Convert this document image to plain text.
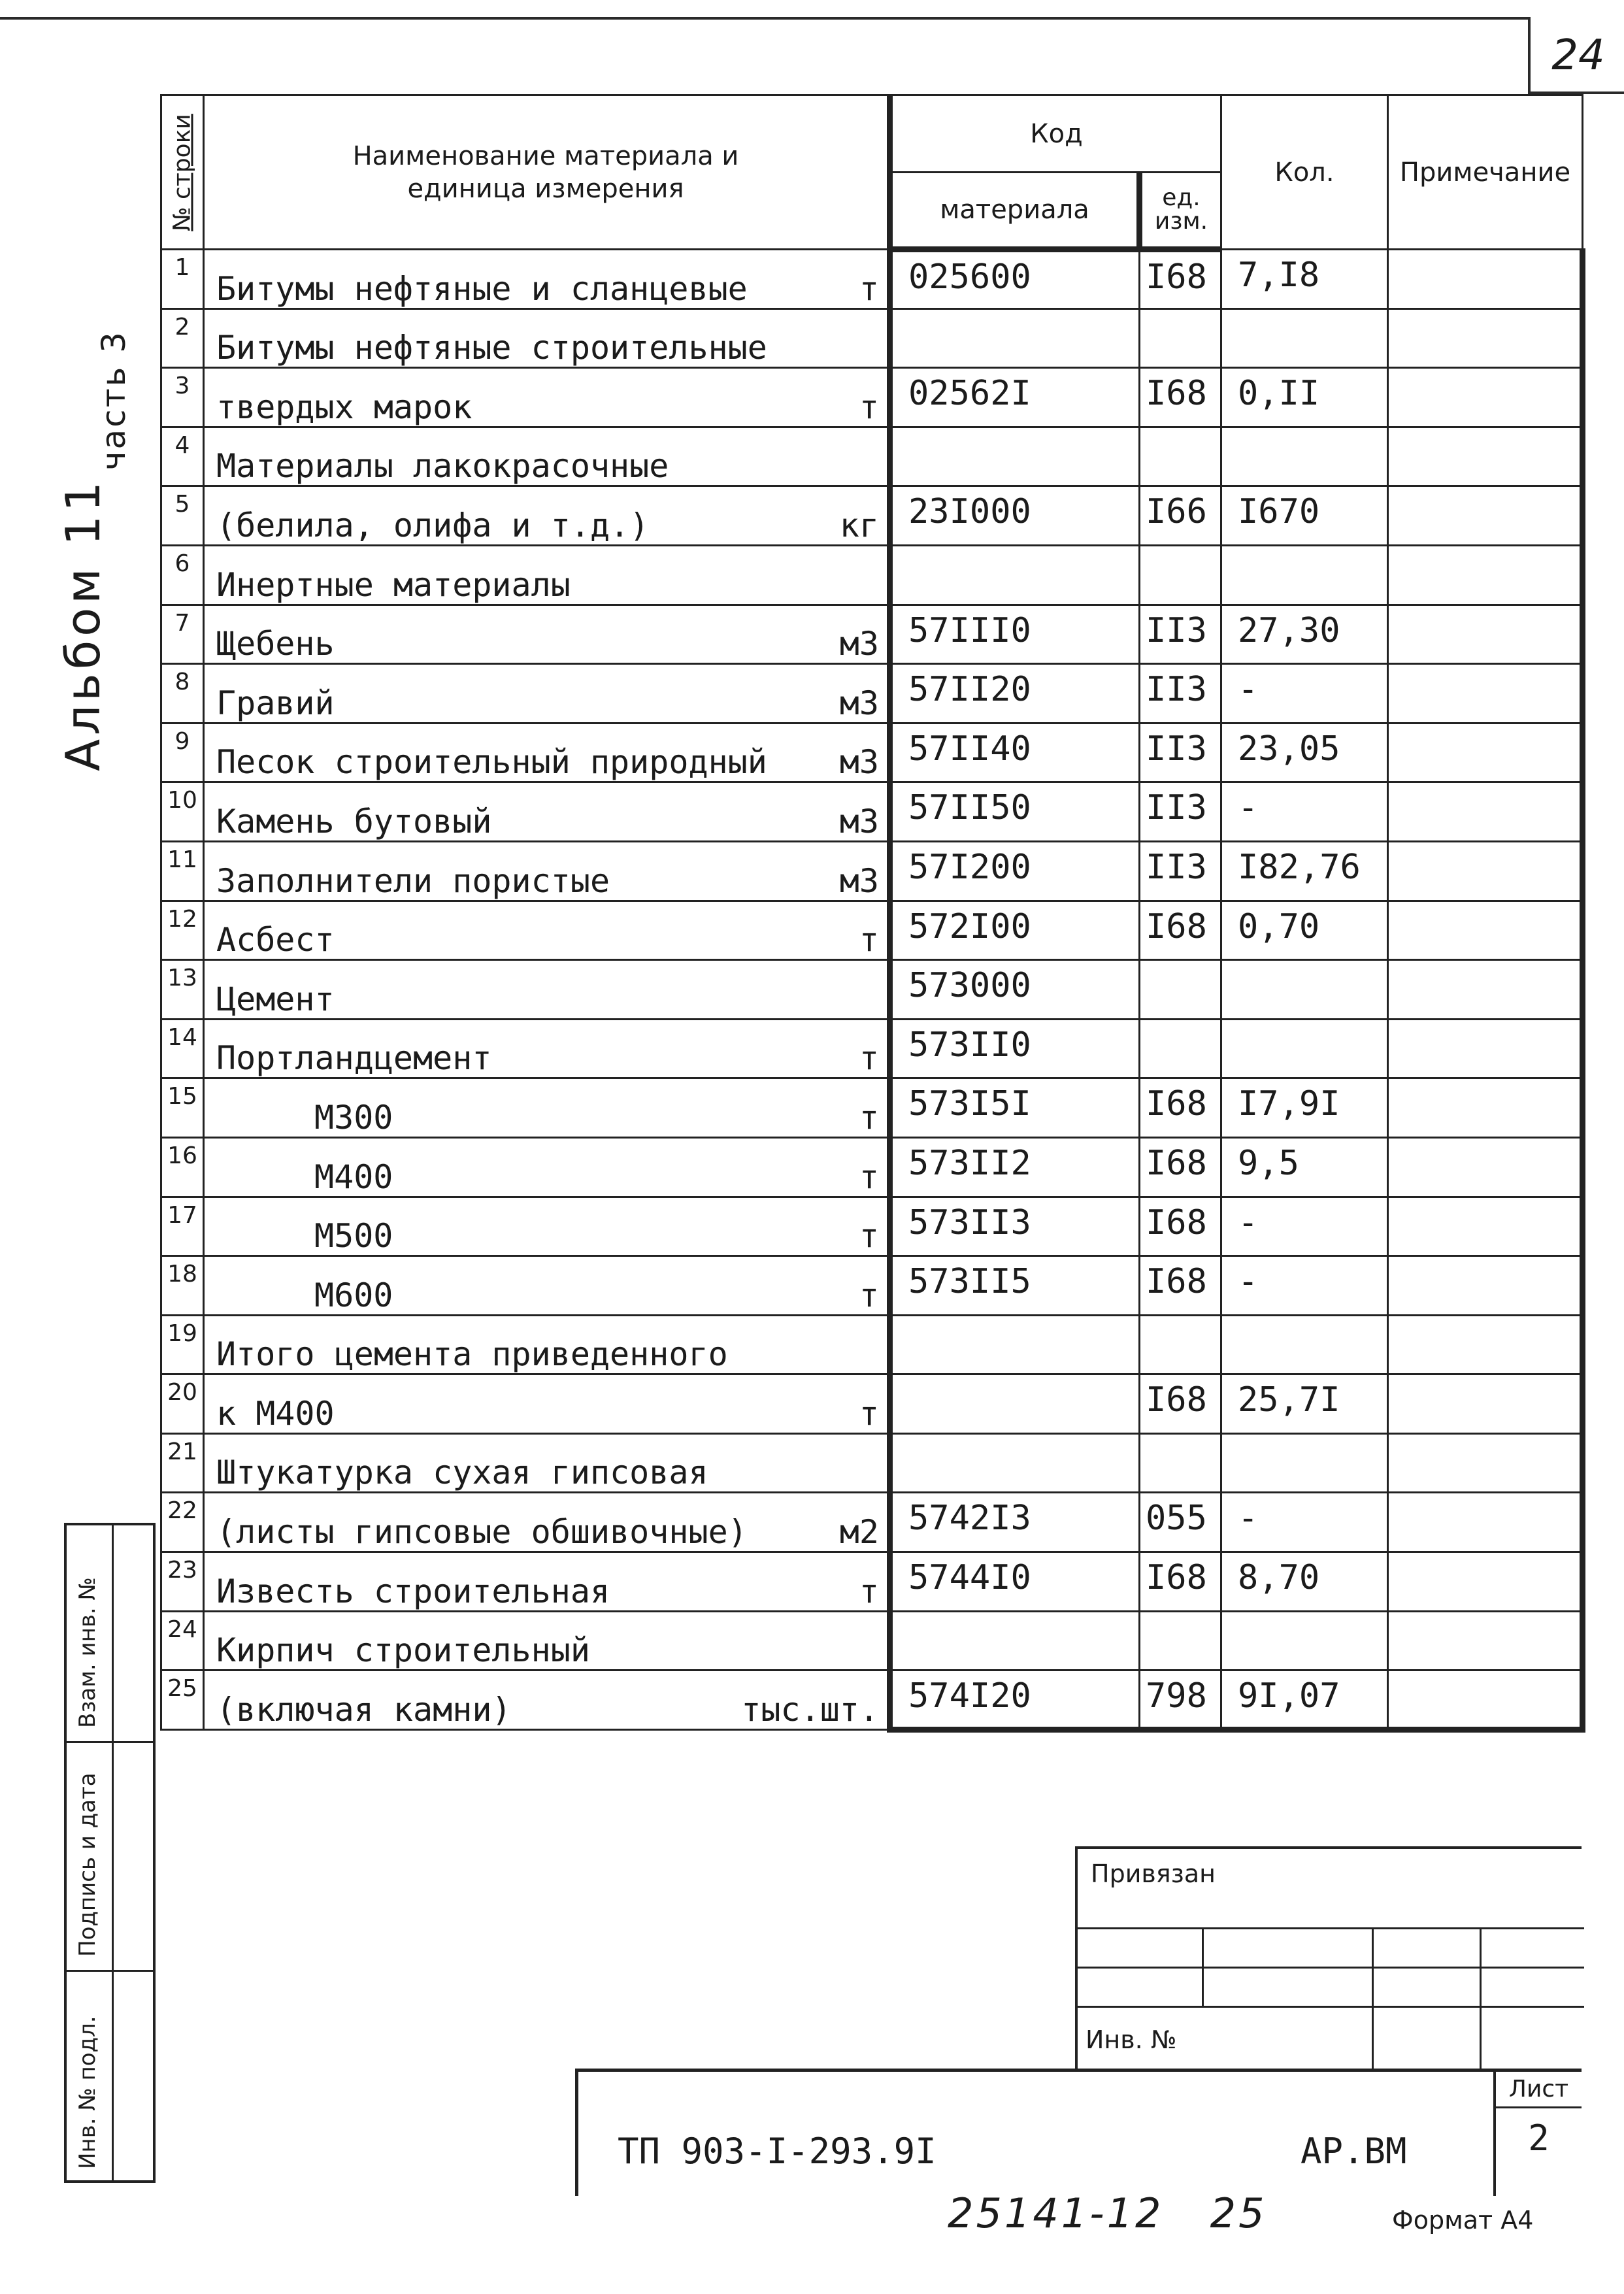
24
Альбом 11
часть 3
№ строки	Наименование материала и
единица измерения	Код		Кол.	Примечание
		материала	ед.
изм.		
1	Битумы нефтяные и сланцевые т	025600	I68	7,I8	
2	Битумы нефтяные строительные				

3	твердых марок т	02562I	I68	0,II	
4	Материалы лакокрасочные				

5	(белила, олифа и т.д.) кг	23I000	I66	I670	
6	Инертные материалы				

7	Щебень м3	57III0	II3	27,30	
8	Гравий м3	57II20	II3	-	
9	Песок строительный природный м3	57II40	II3	23,05	
10	Камень бутовый м3	57II50	II3	-	
11	Заполнители пористые м3	57I200	II3	I82,76	
12	Асбест т	572I00	I68	0,70	
13	Цемент	573000			
14	Портландцемент т	573II0			
15	М300 т	573I5I	I68	I7,9I	
16	М400 т	573II2	I68	9,5	
17	М500 т	573II3	I68	-	
18	М600 т	573II5	I68	-	
19	Итого цемента приведенного				

20	к М400 т		I68	25,7I	
21	Штукатурка сухая гипсовая				

22	(листы гипсовые обшивочные) м2	5742I3	055	-	
23	Известь строительная т	5744I0	I68	8,70	
24	Кирпич строительный				

25	(включая камни) тыс.шт.	574I20	798	9I,07	
Взам. инв. №
Подпись и дата
Инв. № подл.
Привязан
Инв. №
ТП 903-I-293.9I	АР.ВМ
Лист
2
25141-12   25	Формат А4
